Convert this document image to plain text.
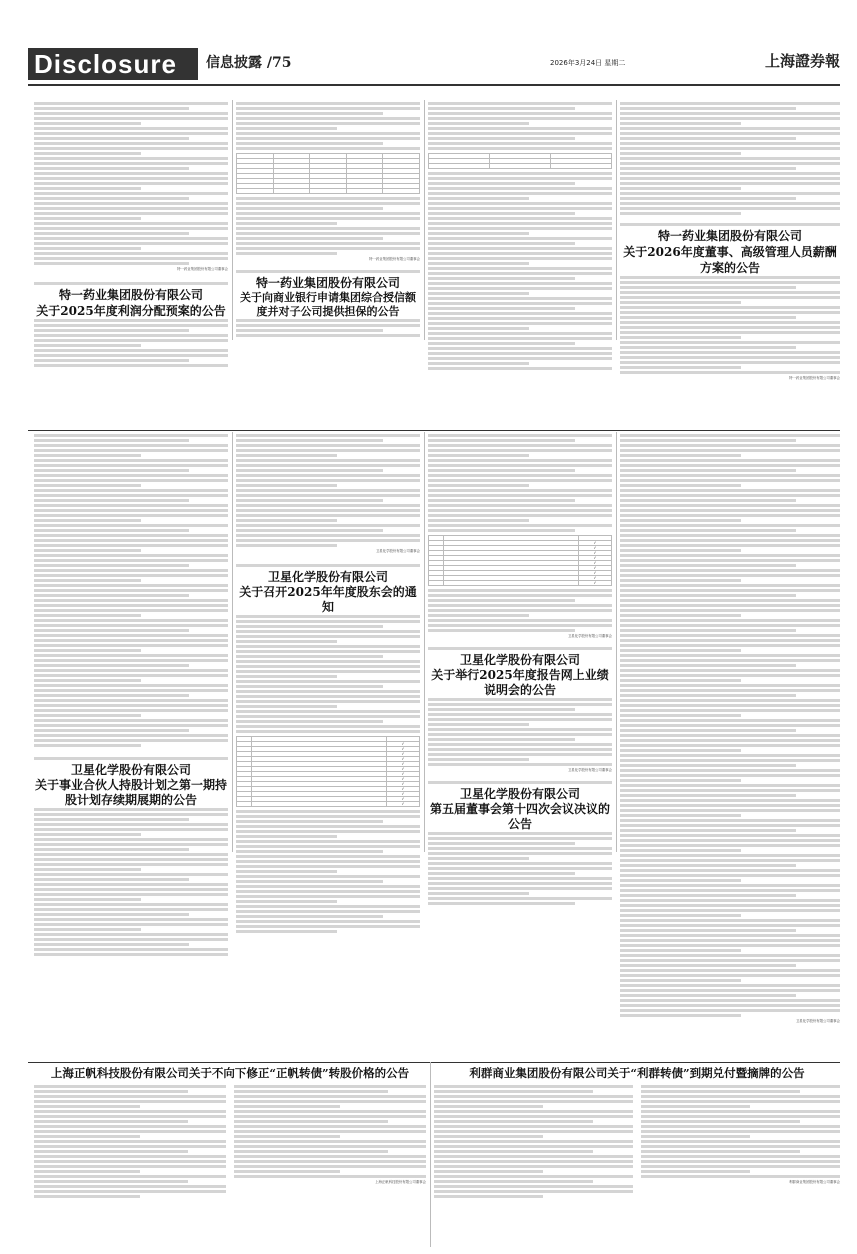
Disclosure	信息披露 /75	2026年3月24日 星期二	上海證券報
特一药业集团股份有限公司董事会
特一药业集团股份有限公司
关于2025年度利润分配预案的公告

特一药业集团股份有限公司董事会
特一药业集团股份有限公司
关于向商业银行申请集团综合授信额度并对子公司提供担保的公告

特一药业集团股份有限公司
关于2026年度董事、高级管理人员薪酬方案的公告
特一药业集团股份有限公司董事会
卫星化学股份有限公司
关于事业合伙人持股计划之第一期持股计划存续期展期的公告
卫星化学股份有限公司董事会
卫星化学股份有限公司
关于召开2025年年度股东会的通知

		✓
		✓
		✓
		✓
		✓
		✓
		✓
		✓
		✓
		✓
		✓
		✓
		✓

		✓
		✓
		✓
		✓
		✓
		✓
		✓
		✓
		✓
卫星化学股份有限公司董事会
卫星化学股份有限公司
关于举行2025年度报告网上业绩说明会的公告
卫星化学股份有限公司董事会
卫星化学股份有限公司
第五届董事会第十四次会议决议的公告
卫星化学股份有限公司董事会
上海正帆科技股份有限公司关于不向下修正“正帆转债”转股价格的公告
上海正帆科技股份有限公司董事会
利群商业集团股份有限公司关于“利群转债”到期兑付暨摘牌的公告
利群商业集团股份有限公司董事会
